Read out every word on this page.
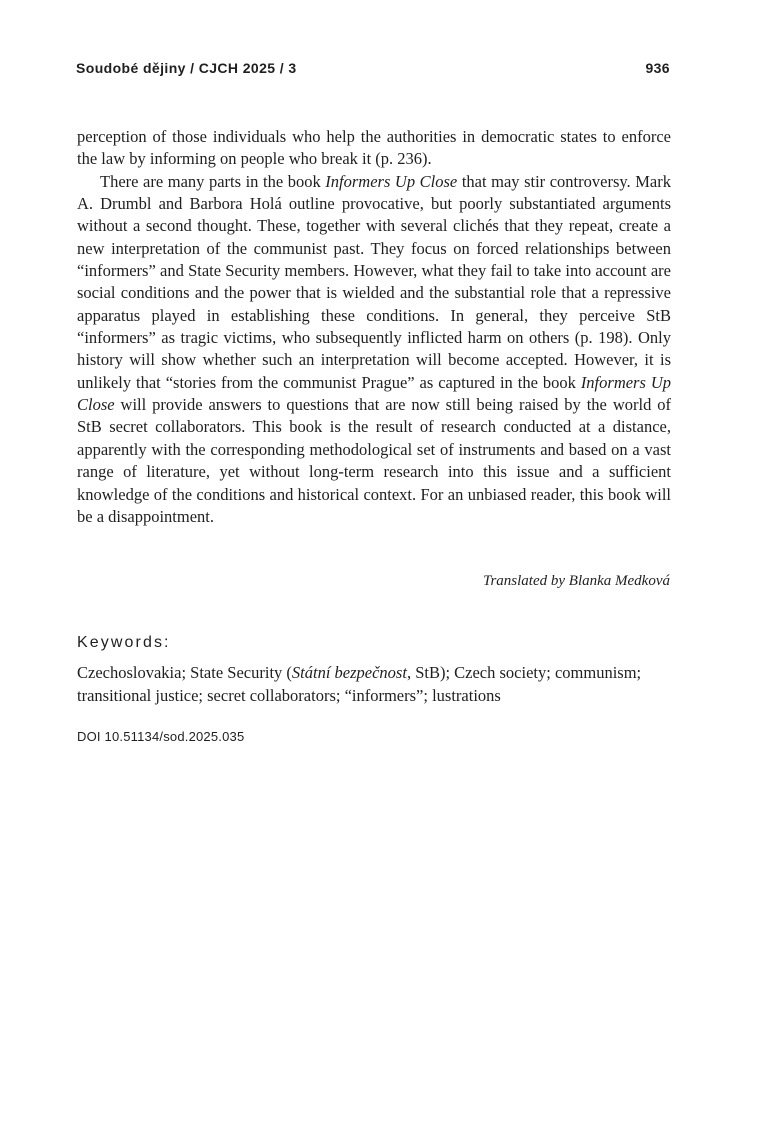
Soudobé dějiny / CJCH 2025 / 3	936

perception of those individuals who help the authorities in democratic states to enforce the law by informing on people who break it (p. 236).

There are many parts in the book Informers Up Close that may stir controversy. Mark A. Drumbl and Barbora Holá outline provocative, but poorly substantiated arguments without a second thought. These, together with several clichés that they repeat, create a new interpretation of the communist past. They focus on forced relationships between “informers” and State Security members. However, what they fail to take into account are social conditions and the power that is wielded and the substantial role that a repressive apparatus played in establishing these conditions. In general, they perceive StB “informers” as tragic victims, who subsequently inflicted harm on others (p. 198). Only history will show whether such an interpretation will become accepted. However, it is unlikely that “stories from the communist Prague” as captured in the book Informers Up Close will provide answers to questions that are now still being raised by the world of StB secret collaborators. This book is the result of research conducted at a distance, apparently with the corresponding methodological set of instruments and based on a vast range of literature, yet without long-term research into this issue and a sufficient knowledge of the conditions and historical context. For an unbiased reader, this book will be a disappointment.

Translated by Blanka Medková
Keywords:
Czechoslovakia; State Security (Státní bezpečnost, StB); Czech society; communism; transitional justice; secret collaborators; “informers”; lustrations
DOI 10.51134/sod.2025.035
